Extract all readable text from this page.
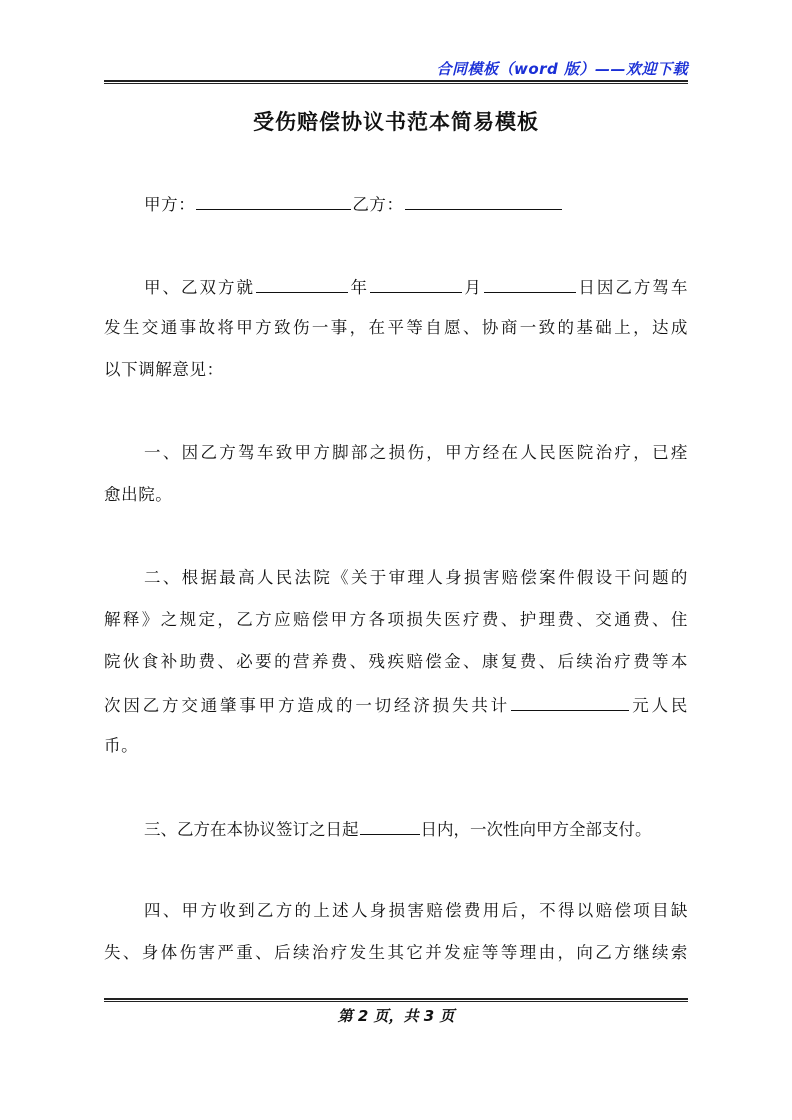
合同模板（word 版）——欢迎下载
受伤赔偿协议书范本简易模板
甲方：	乙方：
甲、乙双方就	年	月	日因乙方驾车
发生交通事故将甲方致伤一事，在平等自愿、协商一致的基础上，达成
以下调解意见：
一、因乙方驾车致甲方脚部之损伤，甲方经在人民医院治疗，已痊
愈出院。
二、根据最高人民法院《关于审理人身损害赔偿案件假设干问题的
解释》之规定，乙方应赔偿甲方各项损失医疗费、护理费、交通费、住
院伙食补助费、必要的营养费、残疾赔偿金、康复费、后续治疗费等本
次因乙方交通肇事甲方造成的一切经济损失共计	元人民
币。
三、乙方在本协议签订之日起	日内，一次性向甲方全部支付。
四、甲方收到乙方的上述人身损害赔偿费用后，不得以赔偿项目缺
失、身体伤害严重、后续治疗发生其它并发症等等理由，向乙方继续索
第 2 页，共 3 页
